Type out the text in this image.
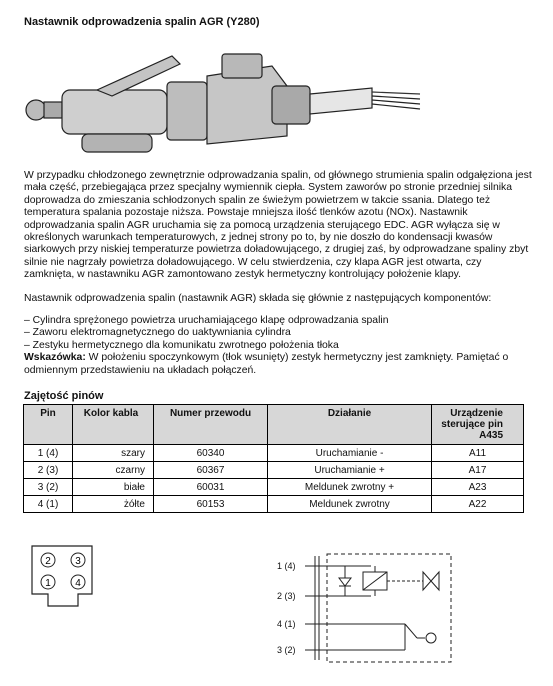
Nastawnik odprowadzenia spalin AGR (Y280)
W przypadku chłodzonego zewnętrznie odprowadzania spalin, od głównego strumienia spalin odgałęziona jest mała część, przebiegająca przez specjalny wymiennik ciepła. System zaworów po stronie przedniej silnika doprowadza do zmieszania schłodzonych spalin ze świeżym powietrzem w takcie ssania. Dlatego też temperatura spalania pozostaje niższa. Powstaje mniejsza ilość tlenków azotu (NOx). Nastawnik odprowadzania spalin AGR uruchamia się za pomocą urządzenia sterującego EDC. AGR wyłącza się w określonych warunkach temperaturowych, z jednej strony po to, by nie doszło do kondensacji kwasów siarkowych przy niskiej temperaturze powietrza doładowującego, z drugiej zaś, by odprowadzane spaliny zbyt silnie nie nagrzały powietrza doładowującego. W celu stwierdzenia, czy klapa AGR jest otwarta, czy zamknięta, w nastawniku AGR zamontowano zestyk hermetyczny kontrolujący położenie klapy.
Nastawnik odprowadzenia spalin (nastawnik AGR) składa się głównie z następujących komponentów:
– Cylindra sprężonego powietrza uruchamiającego klapę odprowadzania spalin
– Zaworu elektromagnetycznego do uaktywniania cylindra
– Zestyku hermetycznego dla komunikatu zwrotnego położenia tłoka
Wskazówka: W położeniu spoczynkowym (tłok wsunięty) zestyk hermetyczny jest zamknięty. Pamiętać o odmiennym przedstawieniu na układach połączeń.
Zajętość pinów
Pin	Kolor kabla	Numer przewodu	Działanie	Urządzenie sterujące pin A435
1 (4)	szary	60340	Uruchamianie -	A11
2 (3)	czarny	60367	Uruchamianie +	A17
3 (2)	białe	60031	Meldunek zwrotny +	A23
4 (1)	żółte	60153	Meldunek zwrotny	A22
2 3
1 4
1 (4)
2 (3)
4 (1)
3 (2)
